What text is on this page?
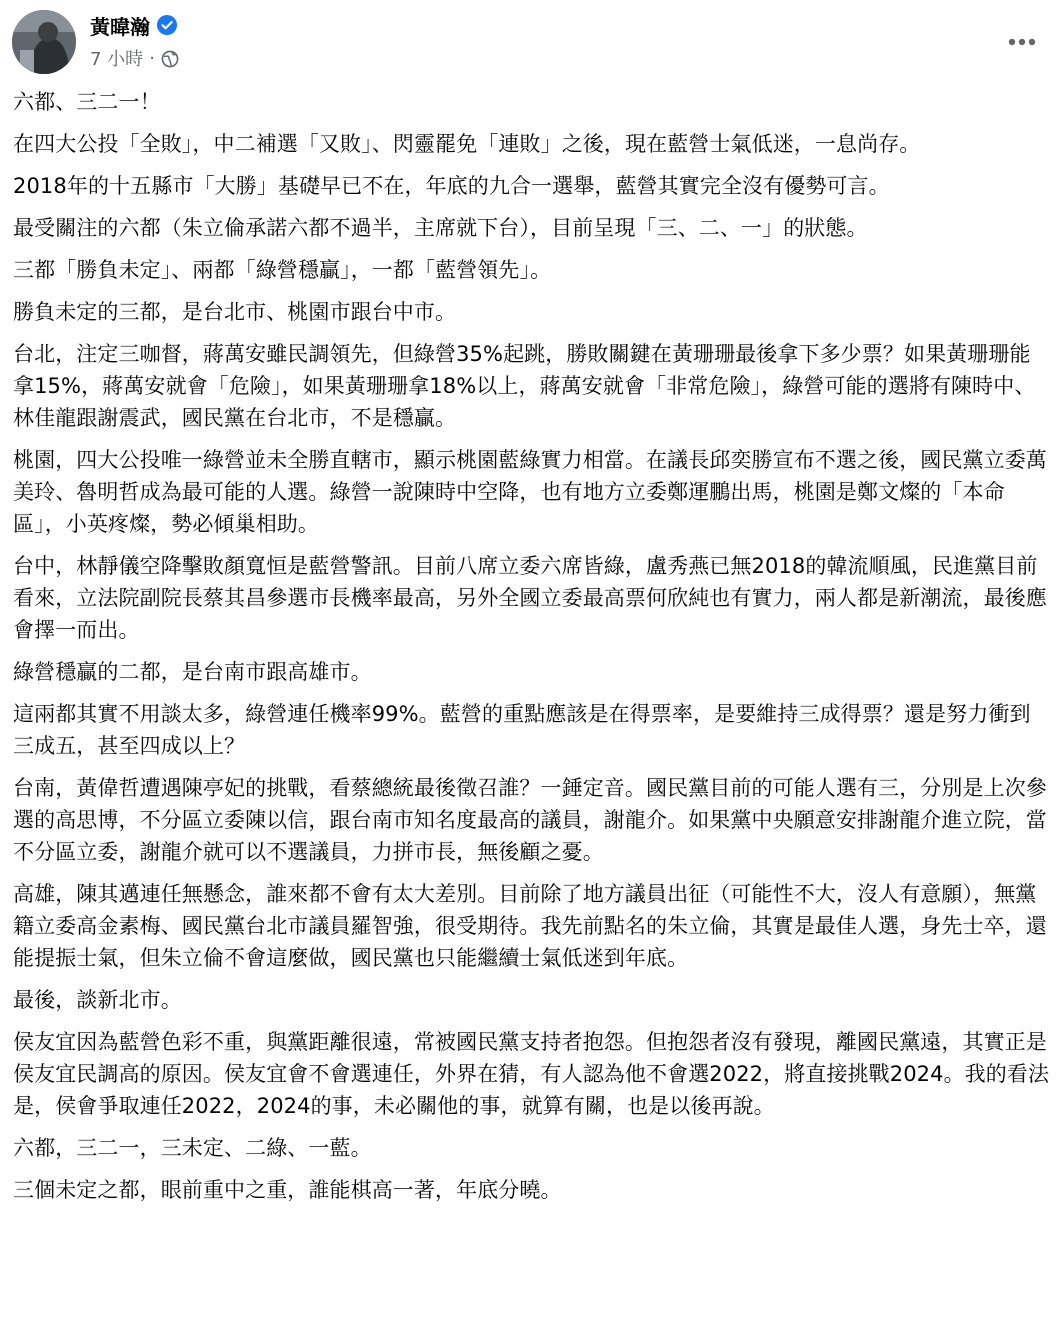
黃暐瀚
7 小時 ·

六都、三二一！

在四大公投「全敗」，中二補選「又敗」、閃靈罷免「連敗」之後，現在藍營士氣低迷，一息尚存。

2018年的十五縣市「大勝」基礎早已不在，年底的九合一選舉，藍營其實完全沒有優勢可言。

最受關注的六都（朱立倫承諾六都不過半，主席就下台），目前呈現「三、二、一」的狀態。

三都「勝負未定」、兩都「綠營穩贏」，一都「藍營領先」。

勝負未定的三都，是台北市、桃園市跟台中市。

台北，注定三咖督，蔣萬安雖民調領先，但綠營35%起跳，勝敗關鍵在黃珊珊最後拿下多少票？如果黃珊珊能拿15%，蔣萬安就會「危險」，如果黃珊珊拿18%以上，蔣萬安就會「非常危險」，綠營可能的選將有陳時中、林佳龍跟謝震武，國民黨在台北市，不是穩贏。

桃園，四大公投唯一綠營並未全勝直轄市，顯示桃園藍綠實力相當。在議長邱奕勝宣布不選之後，國民黨立委萬美玲、魯明哲成為最可能的人選。綠營一說陳時中空降，也有地方立委鄭運鵬出馬，桃園是鄭文燦的「本命區」，小英疼燦，勢必傾巢相助。

台中，林靜儀空降擊敗顏寬恒是藍營警訊。目前八席立委六席皆綠，盧秀燕已無2018的韓流順風，民進黨目前看來，立法院副院長蔡其昌參選市長機率最高，另外全國立委最高票何欣純也有實力，兩人都是新潮流，最後應會擇一而出。

綠營穩贏的二都，是台南市跟高雄市。

這兩都其實不用談太多，綠營連任機率99%。藍營的重點應該是在得票率，是要維持三成得票？還是努力衝到三成五，甚至四成以上？

台南，黃偉哲遭遇陳亭妃的挑戰，看蔡總統最後徵召誰？一錘定音。國民黨目前的可能人選有三，分別是上次參選的高思博，不分區立委陳以信，跟台南市知名度最高的議員，謝龍介。如果黨中央願意安排謝龍介進立院，當不分區立委，謝龍介就可以不選議員，力拼市長，無後顧之憂。

高雄，陳其邁連任無懸念，誰來都不會有太大差別。目前除了地方議員出征（可能性不大，沒人有意願），無黨籍立委高金素梅、國民黨台北市議員羅智強，很受期待。我先前點名的朱立倫，其實是最佳人選，身先士卒，還能提振士氣，但朱立倫不會這麼做，國民黨也只能繼續士氣低迷到年底。

最後，談新北市。

侯友宜因為藍營色彩不重，與黨距離很遠，常被國民黨支持者抱怨。但抱怨者沒有發現，離國民黨遠，其實正是侯友宜民調高的原因。侯友宜會不會選連任，外界在猜，有人認為他不會選2022，將直接挑戰2024。我的看法是，侯會爭取連任2022，2024的事，未必關他的事，就算有關，也是以後再說。

六都，三二一，三未定、二綠、一藍。

三個未定之都，眼前重中之重，誰能棋高一著，年底分曉。
